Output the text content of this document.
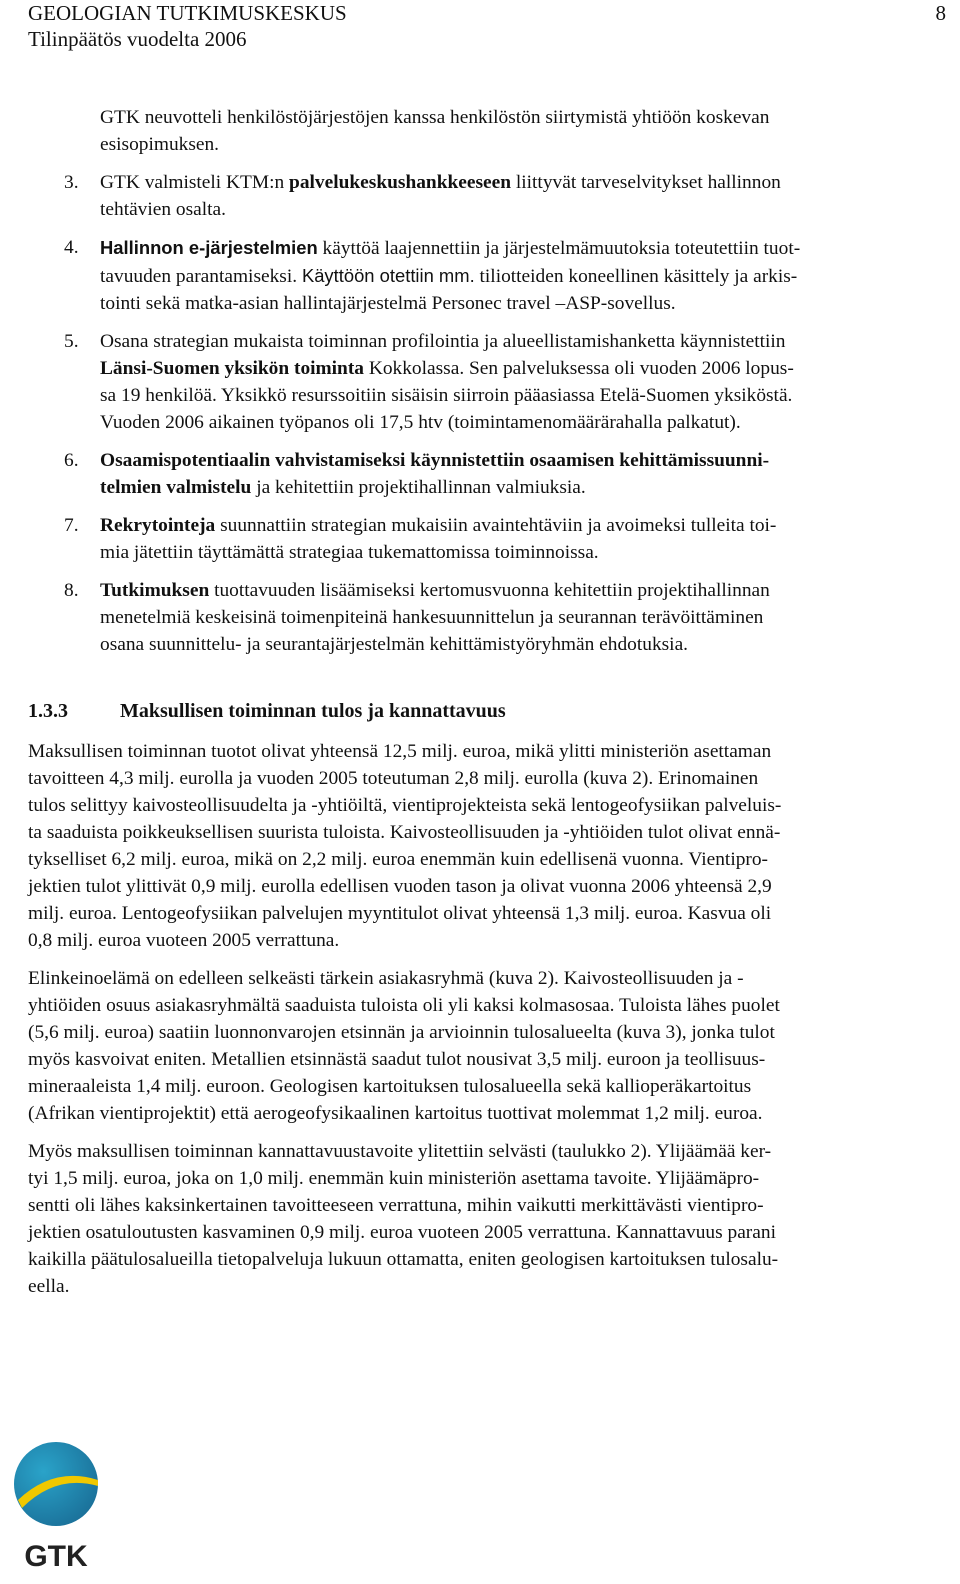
GEOLOGIAN TUTKIMUSKESKUS
Tilinpäätös vuodelta 2006
8
GTK neuvotteli henkilöstöjärjestöjen kanssa henkilöstön siirtymistä yhtiöön koskevan
esisopimuksen.
3. GTK valmisteli KTM:n palvelukeskushankkeeseen liittyvät tarveselvitykset hallinnon
tehtävien osalta.
4. Hallinnon e-järjestelmien käyttöä laajennettiin ja järjestelmämuutoksia toteutettiin tuot-
tavuuden parantamiseksi. Käyttöön otettiin mm. tiliotteiden koneellinen käsittely ja arkis-
tointi sekä matka-asian hallintajärjestelmä Personec travel –ASP-sovellus.
5. Osana strategian mukaista toiminnan profilointia ja alueellistamishanketta käynnistettiin
Länsi-Suomen yksikön toiminta Kokkolassa. Sen palveluksessa oli vuoden 2006 lopus-
sa 19 henkilöä. Yksikkö resurssoitiin sisäisin siirroin pääasiassa Etelä-Suomen yksiköstä.
Vuoden 2006 aikainen työpanos oli 17,5 htv (toimintamenomäärärahalla palkatut).
6. Osaamispotentiaalin vahvistamiseksi käynnistettiin osaamisen kehittämissuunni-
telmien valmistelu ja kehitettiin projektihallinnan valmiuksia.
7. Rekrytointeja suunnattiin strategian mukaisiin avaintehtäviin ja avoimeksi tulleita toi-
mia jätettiin täyttämättä strategiaa tukemattomissa toiminnoissa.
8. Tutkimuksen tuottavuuden lisäämiseksi kertomusvuonna kehitettiin projektihallinnan
menetelmiä keskeisinä toimenpiteinä hankesuunnittelun ja seurannan terävöittäminen
osana suunnittelu- ja seurantajärjestelmän kehittämistyöryhmän ehdotuksia.
1.3.3	Maksullisen toiminnan tulos ja kannattavuus
Maksullisen toiminnan tuotot olivat yhteensä 12,5 milj. euroa, mikä ylitti ministeriön asettaman
tavoitteen 4,3 milj. eurolla ja vuoden 2005 toteutuman 2,8 milj. eurolla (kuva 2). Erinomainen
tulos selittyy kaivosteollisuudelta ja -yhtiöiltä, vientiprojekteista sekä lentogeofysiikan palveluis-
ta saaduista poikkeuksellisen suurista tuloista. Kaivosteollisuuden ja -yhtiöiden tulot olivat ennä-
tykselliset 6,2 milj. euroa, mikä on 2,2 milj. euroa enemmän kuin edellisenä vuonna. Vientipro-
jektien tulot ylittivät 0,9 milj. eurolla edellisen vuoden tason ja olivat vuonna 2006 yhteensä 2,9
milj. euroa. Lentogeofysiikan palvelujen myyntitulot olivat yhteensä 1,3 milj. euroa. Kasvua oli
0,8 milj. euroa vuoteen 2005 verrattuna.
Elinkeinoelämä on edelleen selkeästi tärkein asiakasryhmä (kuva 2). Kaivosteollisuuden ja -
yhtiöiden osuus asiakasryhmältä saaduista tuloista oli yli kaksi kolmasosaa. Tuloista lähes puolet
(5,6 milj. euroa) saatiin luonnonvarojen etsinnän ja arvioinnin tulosalueelta (kuva 3), jonka tulot
myös kasvoivat eniten. Metallien etsinnästä saadut tulot nousivat 3,5 milj. euroon ja teollisuus-
mineraaleista 1,4 milj. euroon. Geologisen kartoituksen tulosalueella sekä kallioperäkartoitus
(Afrikan vientiprojektit) että aerogeofysikaalinen kartoitus tuottivat molemmat 1,2 milj. euroa.
Myös maksullisen toiminnan kannattavuustavoite ylitettiin selvästi (taulukko 2). Ylijäämää ker-
tyi 1,5 milj. euroa, joka on 1,0 milj. enemmän kuin ministeriön asettama tavoite. Ylijäämäpro-
sentti oli lähes kaksinkertainen tavoitteeseen verrattuna, mihin vaikutti merkittävästi vientipro-
jektien osatuloutusten kasvaminen 0,9 milj. euroa vuoteen 2005 verrattuna. Kannattavuus parani
kaikilla päätulosalueilla tietopalveluja lukuun ottamatta, eniten geologisen kartoituksen tulosalu-
eella.
GTK
